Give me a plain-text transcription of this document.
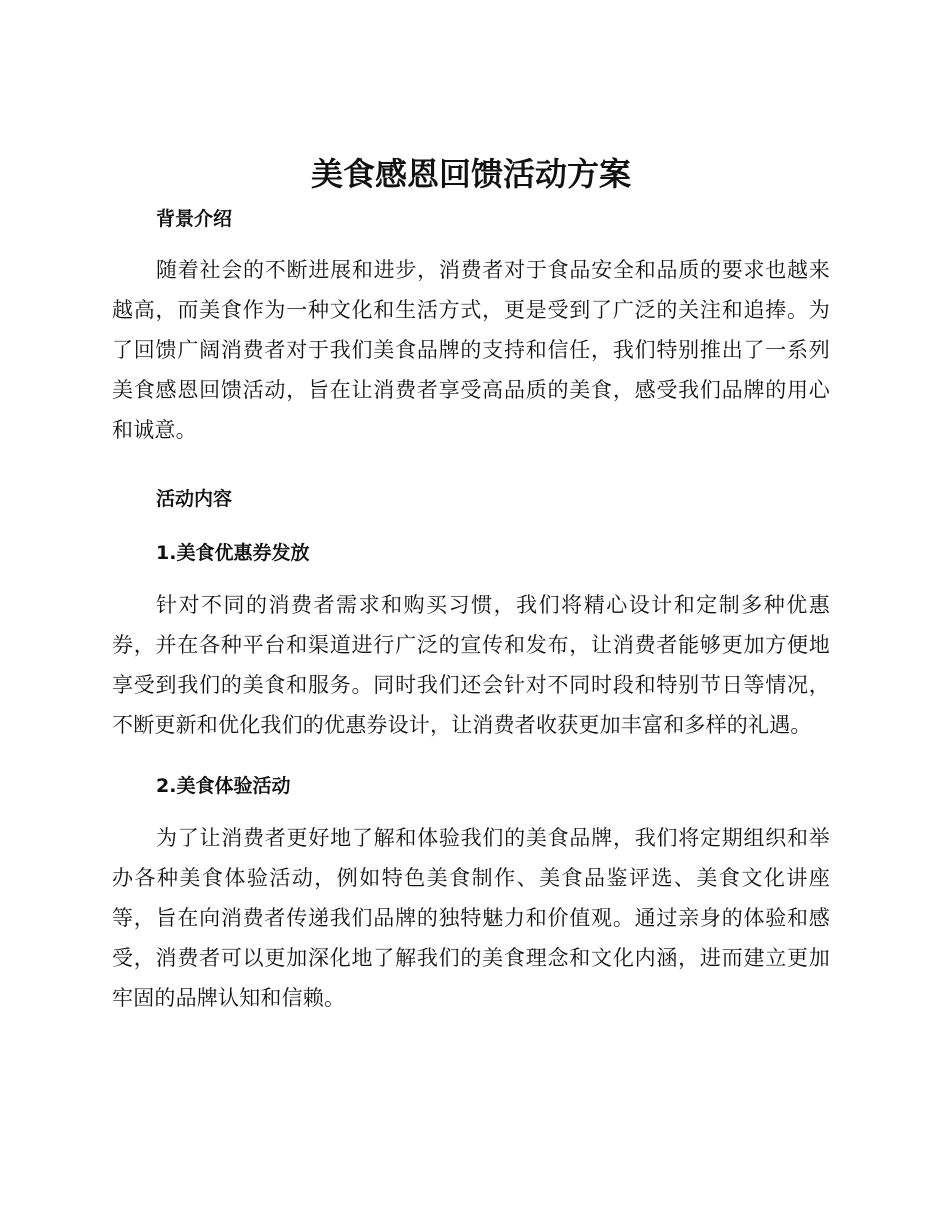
美食感恩回馈活动方案
背景介绍

随着社会的不断进展和进步，消费者对于食品安全和品质的要求也越来越高，而美食作为一种文化和生活方式，更是受到了广泛的关注和追捧。为了回馈广阔消费者对于我们美食品牌的支持和信任，我们特别推出了一系列美食感恩回馈活动，旨在让消费者享受高品质的美食，感受我们品牌的用心和诚意。

活动内容
1.美食优惠券发放

针对不同的消费者需求和购买习惯，我们将精心设计和定制多种优惠券，并在各种平台和渠道进行广泛的宣传和发布，让消费者能够更加方便地享受到我们的美食和服务。同时我们还会针对不同时段和特别节日等情况，不断更新和优化我们的优惠券设计，让消费者收获更加丰富和多样的礼遇。

2.美食体验活动

为了让消费者更好地了解和体验我们的美食品牌，我们将定期组织和举办各种美食体验活动，例如特色美食制作、美食品鉴评选、美食文化讲座等，旨在向消费者传递我们品牌的独特魅力和价值观。通过亲身的体验和感受，消费者可以更加深化地了解我们的美食理念和文化内涵，进而建立更加牢固的品牌认知和信赖。
